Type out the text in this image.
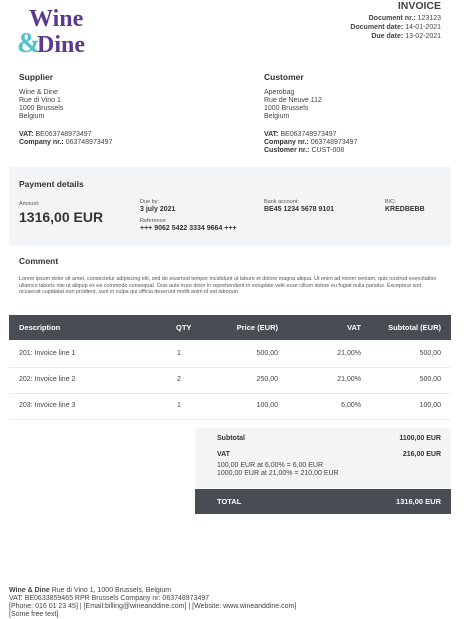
Wine
&
Dine
INVOICE
Document nr.: 123123
Document date: 14-01-2021
Due date: 13-02-2021
Supplier
Wine & Dine
Rue di Vino 1
1000 Brussels
Belgium
VAT: BE063748973497
Company nr.: 063748973497
Customer
Aperobag
Rue de Neuve 112
1000 Brussels
Belgium
VAT: BE063748973497
Company nr.: 063748973497
Customer nr.: CUST-008
Payment details
Amount:
1316,00 EUR
Due by:
3 july 2021
Reference:
+++ 9062 5422 3334 9664 +++
Bank account:
BE45 1234 5678 9101
BIC:
KREDBEBB
Comment
Lorem ipsum dolor sit amet, consectetur adipiscing elit, sed do eiusmod tempor incididunt ut labore et dolore magna aliqua. Ut enim ad minim veniam, quis nostrud exercitation ullamco laboris nisi ut aliquip ex ea commodo consequat. Duis aute irure dolor in reprehenderit in voluptate velit esse cillum dolore eu fugiat nulla pariatur. Excepteur sint occaecat cupidatat non proident, sunt in culpa qui officia deserunt mollit anim id est laborum.
Description	QTY	Price (EUR)	VAT	Subtotal (EUR)
201: Invoice line 1	1	500,00	21,00%	500,00
202: Invoice line 2	2	250,00	21,00%	500,00
203: Invoice line 3	1	100,00	6,00%	100,00
Subtotal	1100,00 EUR
VAT	216,00 EUR
100,00 EUR at 6,00% = 6,00 EUR
1000,00 EUR at 21,00% = 210,00 EUR
TOTAL	1316,00 EUR
Wine & Dine Rue di Vino 1, 1000 Brussels, Belgium
VAT: BE0633859465 RPR Brussels Company nr: 063748973497
[Phone: 016 01 23 45] | [Email:billing@wineanddine.com] | [Website: www.wineanddine.com]
[Some free text]
